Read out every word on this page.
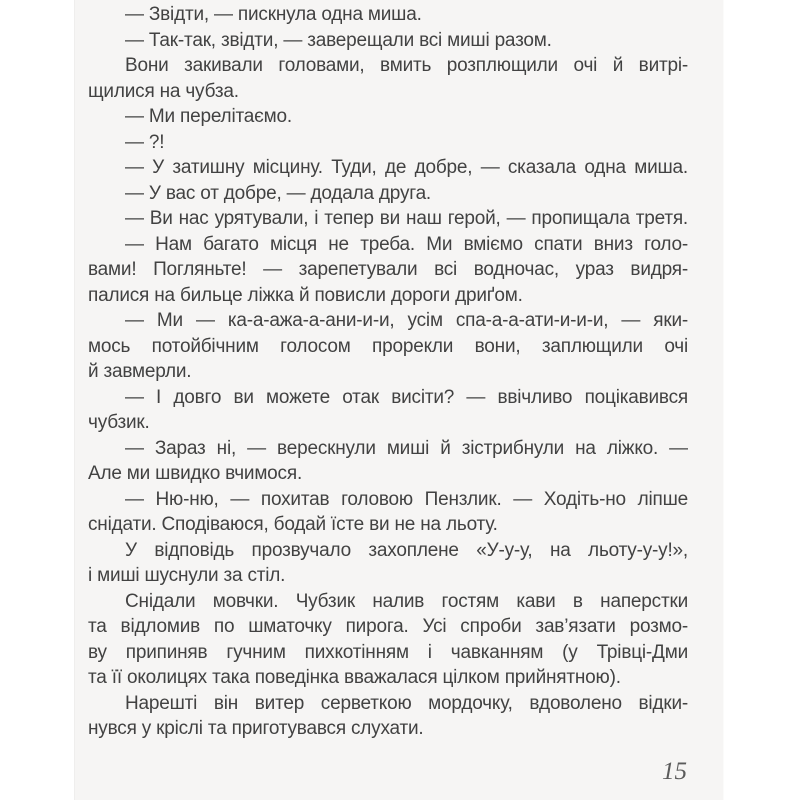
— Звідти, — пискнула одна миша.
— Так-так, звідти, — заверещали всі миші разом.
Вони закивали головами, вмить розплющили очі й витрі-
щилися на чубза.
— Ми перелітаємо.
— ?!
— У затишну місцину. Туди, де добре, — сказала одна миша.
— У вас от добре, — додала друга.
— Ви нас урятували, і тепер ви наш герой, — пропищала третя.
— Нам багато місця не треба. Ми вміємо спати вниз голо-
вами! Погляньте! — зарепетували всі водночас, ураз видря-
палися на бильце ліжка й повисли дороги дриґом.
— Ми — ка-а-ажа-а-ани-и-и, усім спа-а-а-ати-и-и-и, — яки-
мось потойбічним голосом прорекли вони, заплющили очі
й завмерли.
— І довго ви можете отак висіти? — ввічливо поцікавився
чубзик.
— Зараз ні, — верескнули миші й зістрибнули на ліжко. —
Але ми швидко вчимося.
— Ню-ню, — похитав головою Пензлик. — Ходіть-но ліпше
снідати. Сподіваюся, бодай їсте ви не на льоту.
У відповідь прозвучало захоплене «У-у-у, на льоту-у-у!»,
і миші шуснули за стіл.
Снідали мовчки. Чубзик налив гостям кави в наперстки
та відломив по шматочку пирога. Усі спроби зав’язати розмо-
ву припиняв гучним пихкотінням і чавканням (у Трівці-Дми
та її околицях така поведінка вважалася цілком прийнятною).
Нарешті він витер серветкою мордочку, вдоволено відки-
нувся у кріслі та приготувався слухати.
15
